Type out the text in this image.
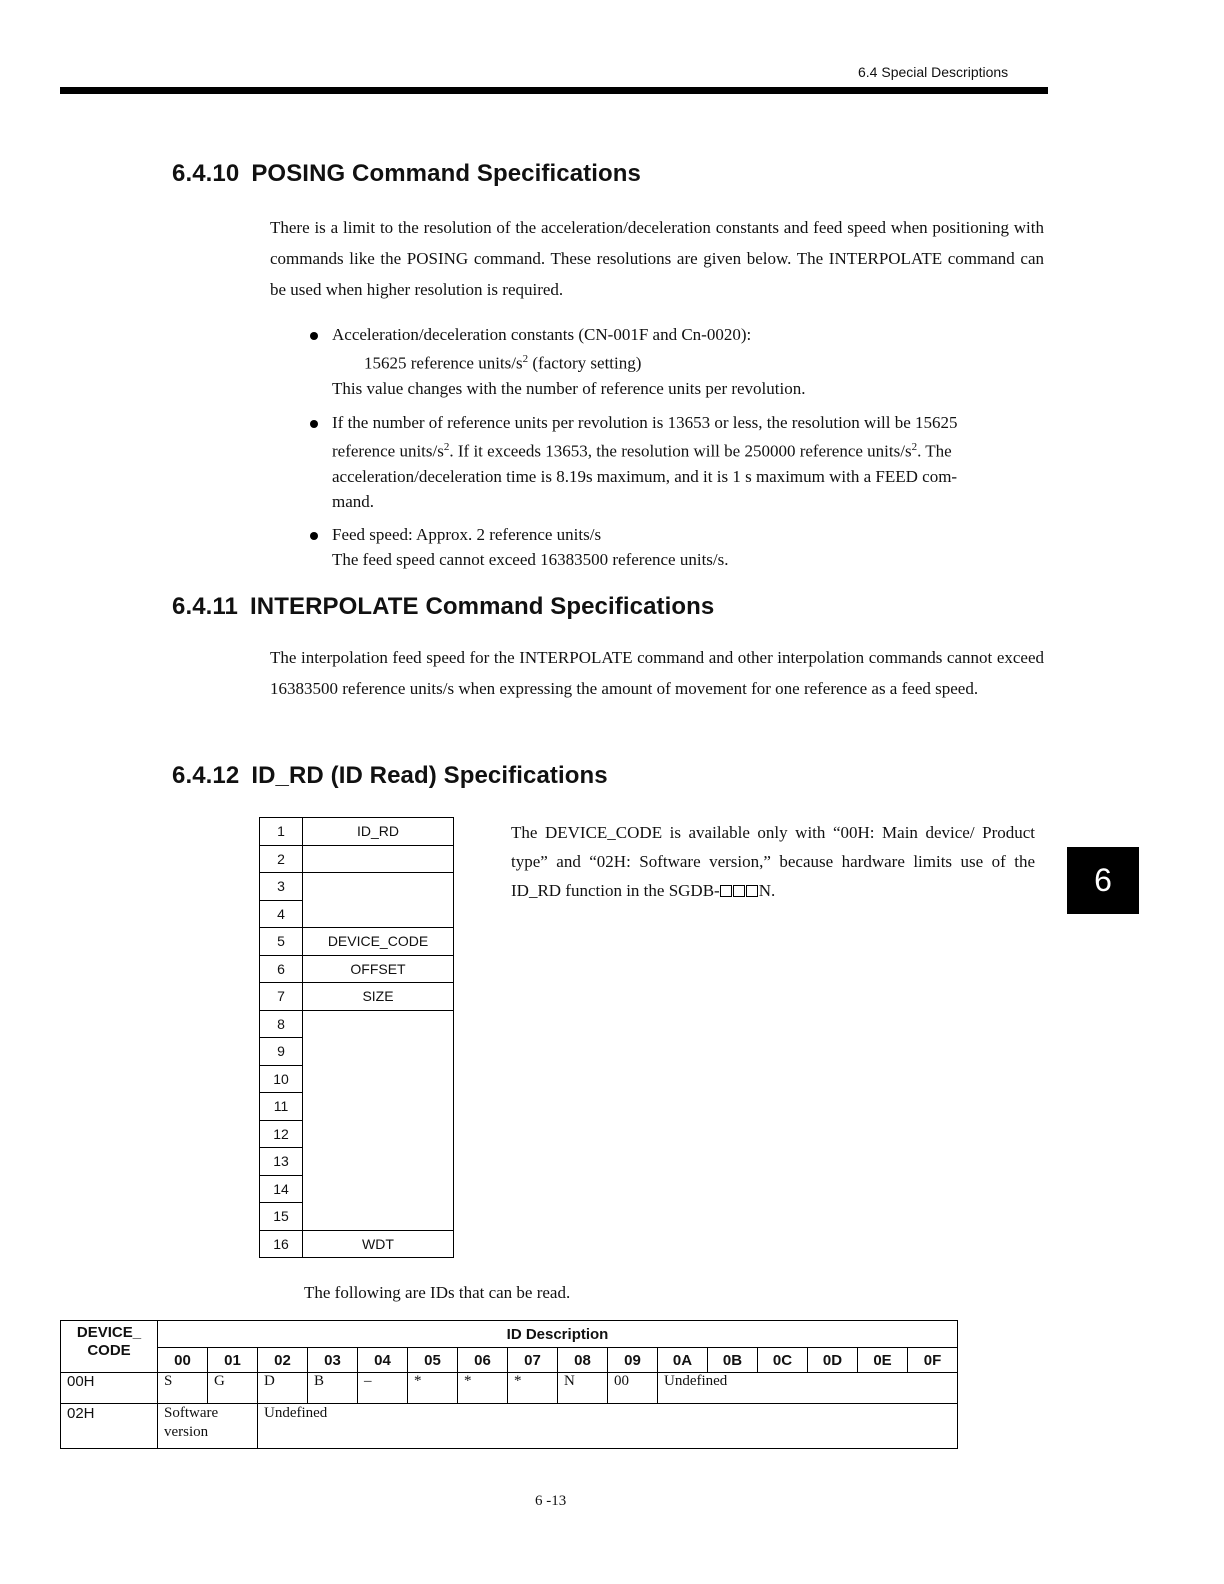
6.4 Special Descriptions
6.4.10 POSING Command Specifications

There is a limit to the resolution of the acceleration/deceleration constants and feed speed when positioning with commands like the POSING command. These resolutions are given below. The INTERPOLATE command can be used when higher resolution is required.

Acceleration/deceleration constants (CN-001F and Cn-0020):
15625 reference units/$s^2$ (factory setting)
This value changes with the number of reference units per revolution.
If the number of reference units per revolution is 13653 or less, the resolution will be 15625
reference units/$s^2$. If it exceeds 13653, the resolution will be 250000 reference units/$s^2$. The
acceleration/deceleration time is 8.19s maximum, and it is 1 s maximum with a FEED com-
mand.
Feed speed: Approx. 2 reference units/s
The feed speed cannot exceed 16383500 reference units/s.
6.4.11 INTERPOLATE Command Specifications

The interpolation feed speed for the INTERPOLATE command and other interpolation commands cannot exceed 16383500 reference units/s when expressing the amount of movement for one reference as a feed speed.

6.4.12 ID_RD (ID Read) Specifications
1	ID_RD
2	
3	
4	
5	DEVICE_CODE
6	OFFSET
7	SIZE
8	
9	
10	
11	
12	
13	
14	
15	
16	WDT
The DEVICE_CODE is available only with “00H: Main device/ Product type” and “02H: Software version,” because hardware limits use of the ID_RD function in the SGDB- N.	6
The following are IDs that can be read.
DEVICE_
CODE	ID Description															
	00	01	02	03	04	05	06	07	08	09	0A	0B	0C	0D	0E	0F
00H	S	G	D	B	–	*	*	*	N	00	Undefined					
02H	Software version		Undefined													
6 -13
